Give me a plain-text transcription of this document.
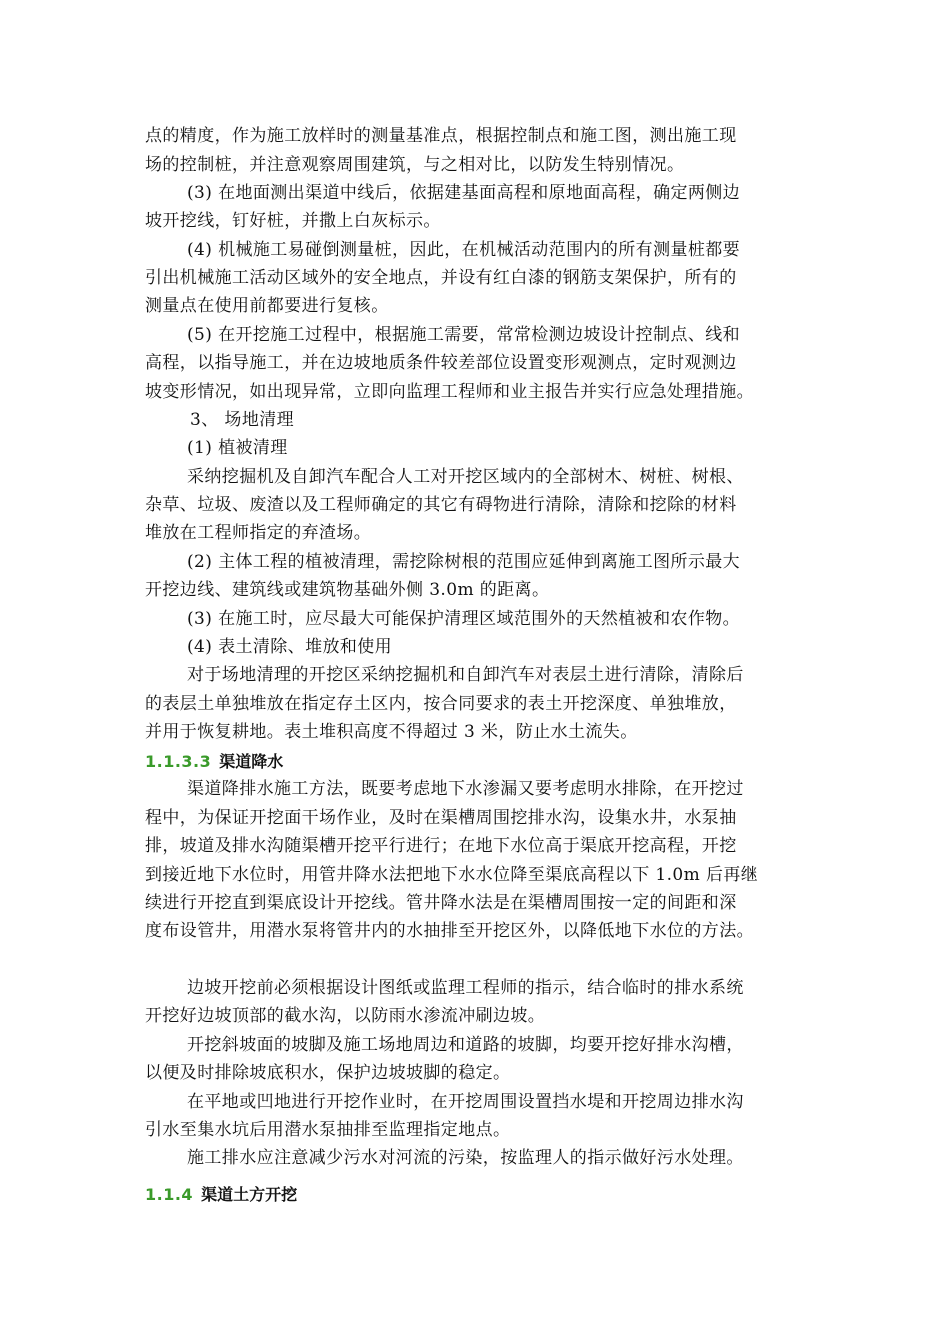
点的精度，作为施工放样时的测量基准点，根据控制点和施工图，测出施工现
场的控制桩，并注意观察周围建筑，与之相对比，以防发生特别情况。
(3) 在地面测出渠道中线后，依据建基面高程和原地面高程，确定两侧边
坡开挖线，钉好桩，并撒上白灰标示。
(4) 机械施工易碰倒测量桩，因此，在机械活动范围内的所有测量桩都要
引出机械施工活动区域外的安全地点，并设有红白漆的钢筋支架保护，所有的
测量点在使用前都要进行复核。
(5) 在开挖施工过程中，根据施工需要，常常检测边坡设计控制点、线和
高程，以指导施工，并在边坡地质条件较差部位设置变形观测点，定时观测边
坡变形情况，如出现异常，立即向监理工程师和业主报告并实行应急处理措施。
3、 场地清理
(1) 植被清理
采纳挖掘机及自卸汽车配合人工对开挖区域内的全部树木、树桩、树根、
杂草、垃圾、废渣以及工程师确定的其它有碍物进行清除，清除和挖除的材料
堆放在工程师指定的弃渣场。
(2) 主体工程的植被清理，需挖除树根的范围应延伸到离施工图所示最大
开挖边线、建筑线或建筑物基础外侧 3.0m 的距离。
(3) 在施工时，应尽最大可能保护清理区域范围外的天然植被和农作物。
(4) 表土清除、堆放和使用
对于场地清理的开挖区采纳挖掘机和自卸汽车对表层土进行清除，清除后
的表层土单独堆放在指定存土区内，按合同要求的表土开挖深度、单独堆放，
并用于恢复耕地。表土堆积高度不得超过 3 米，防止水土流失。
1.1.3.3 渠道降水
渠道降排水施工方法，既要考虑地下水渗漏又要考虑明水排除，在开挖过
程中，为保证开挖面干场作业，及时在渠槽周围挖排水沟，设集水井，水泵抽
排，坡道及排水沟随渠槽开挖平行进行；在地下水位高于渠底开挖高程，开挖
到接近地下水位时，用管井降水法把地下水水位降至渠底高程以下 1.0m 后再继
续进行开挖直到渠底设计开挖线。管井降水法是在渠槽周围按一定的间距和深
度布设管井，用潜水泵将管井内的水抽排至开挖区外，以降低地下水位的方法。
边坡开挖前必须根据设计图纸或监理工程师的指示，结合临时的排水系统
开挖好边坡顶部的截水沟，以防雨水渗流冲刷边坡。
开挖斜坡面的坡脚及施工场地周边和道路的坡脚，均要开挖好排水沟槽，
以便及时排除坡底积水，保护边坡坡脚的稳定。
在平地或凹地进行开挖作业时，在开挖周围设置挡水堤和开挖周边排水沟
引水至集水坑后用潜水泵抽排至监理指定地点。
施工排水应注意减少污水对河流的污染，按监理人的指示做好污水处理。
1.1.4 渠道土方开挖
